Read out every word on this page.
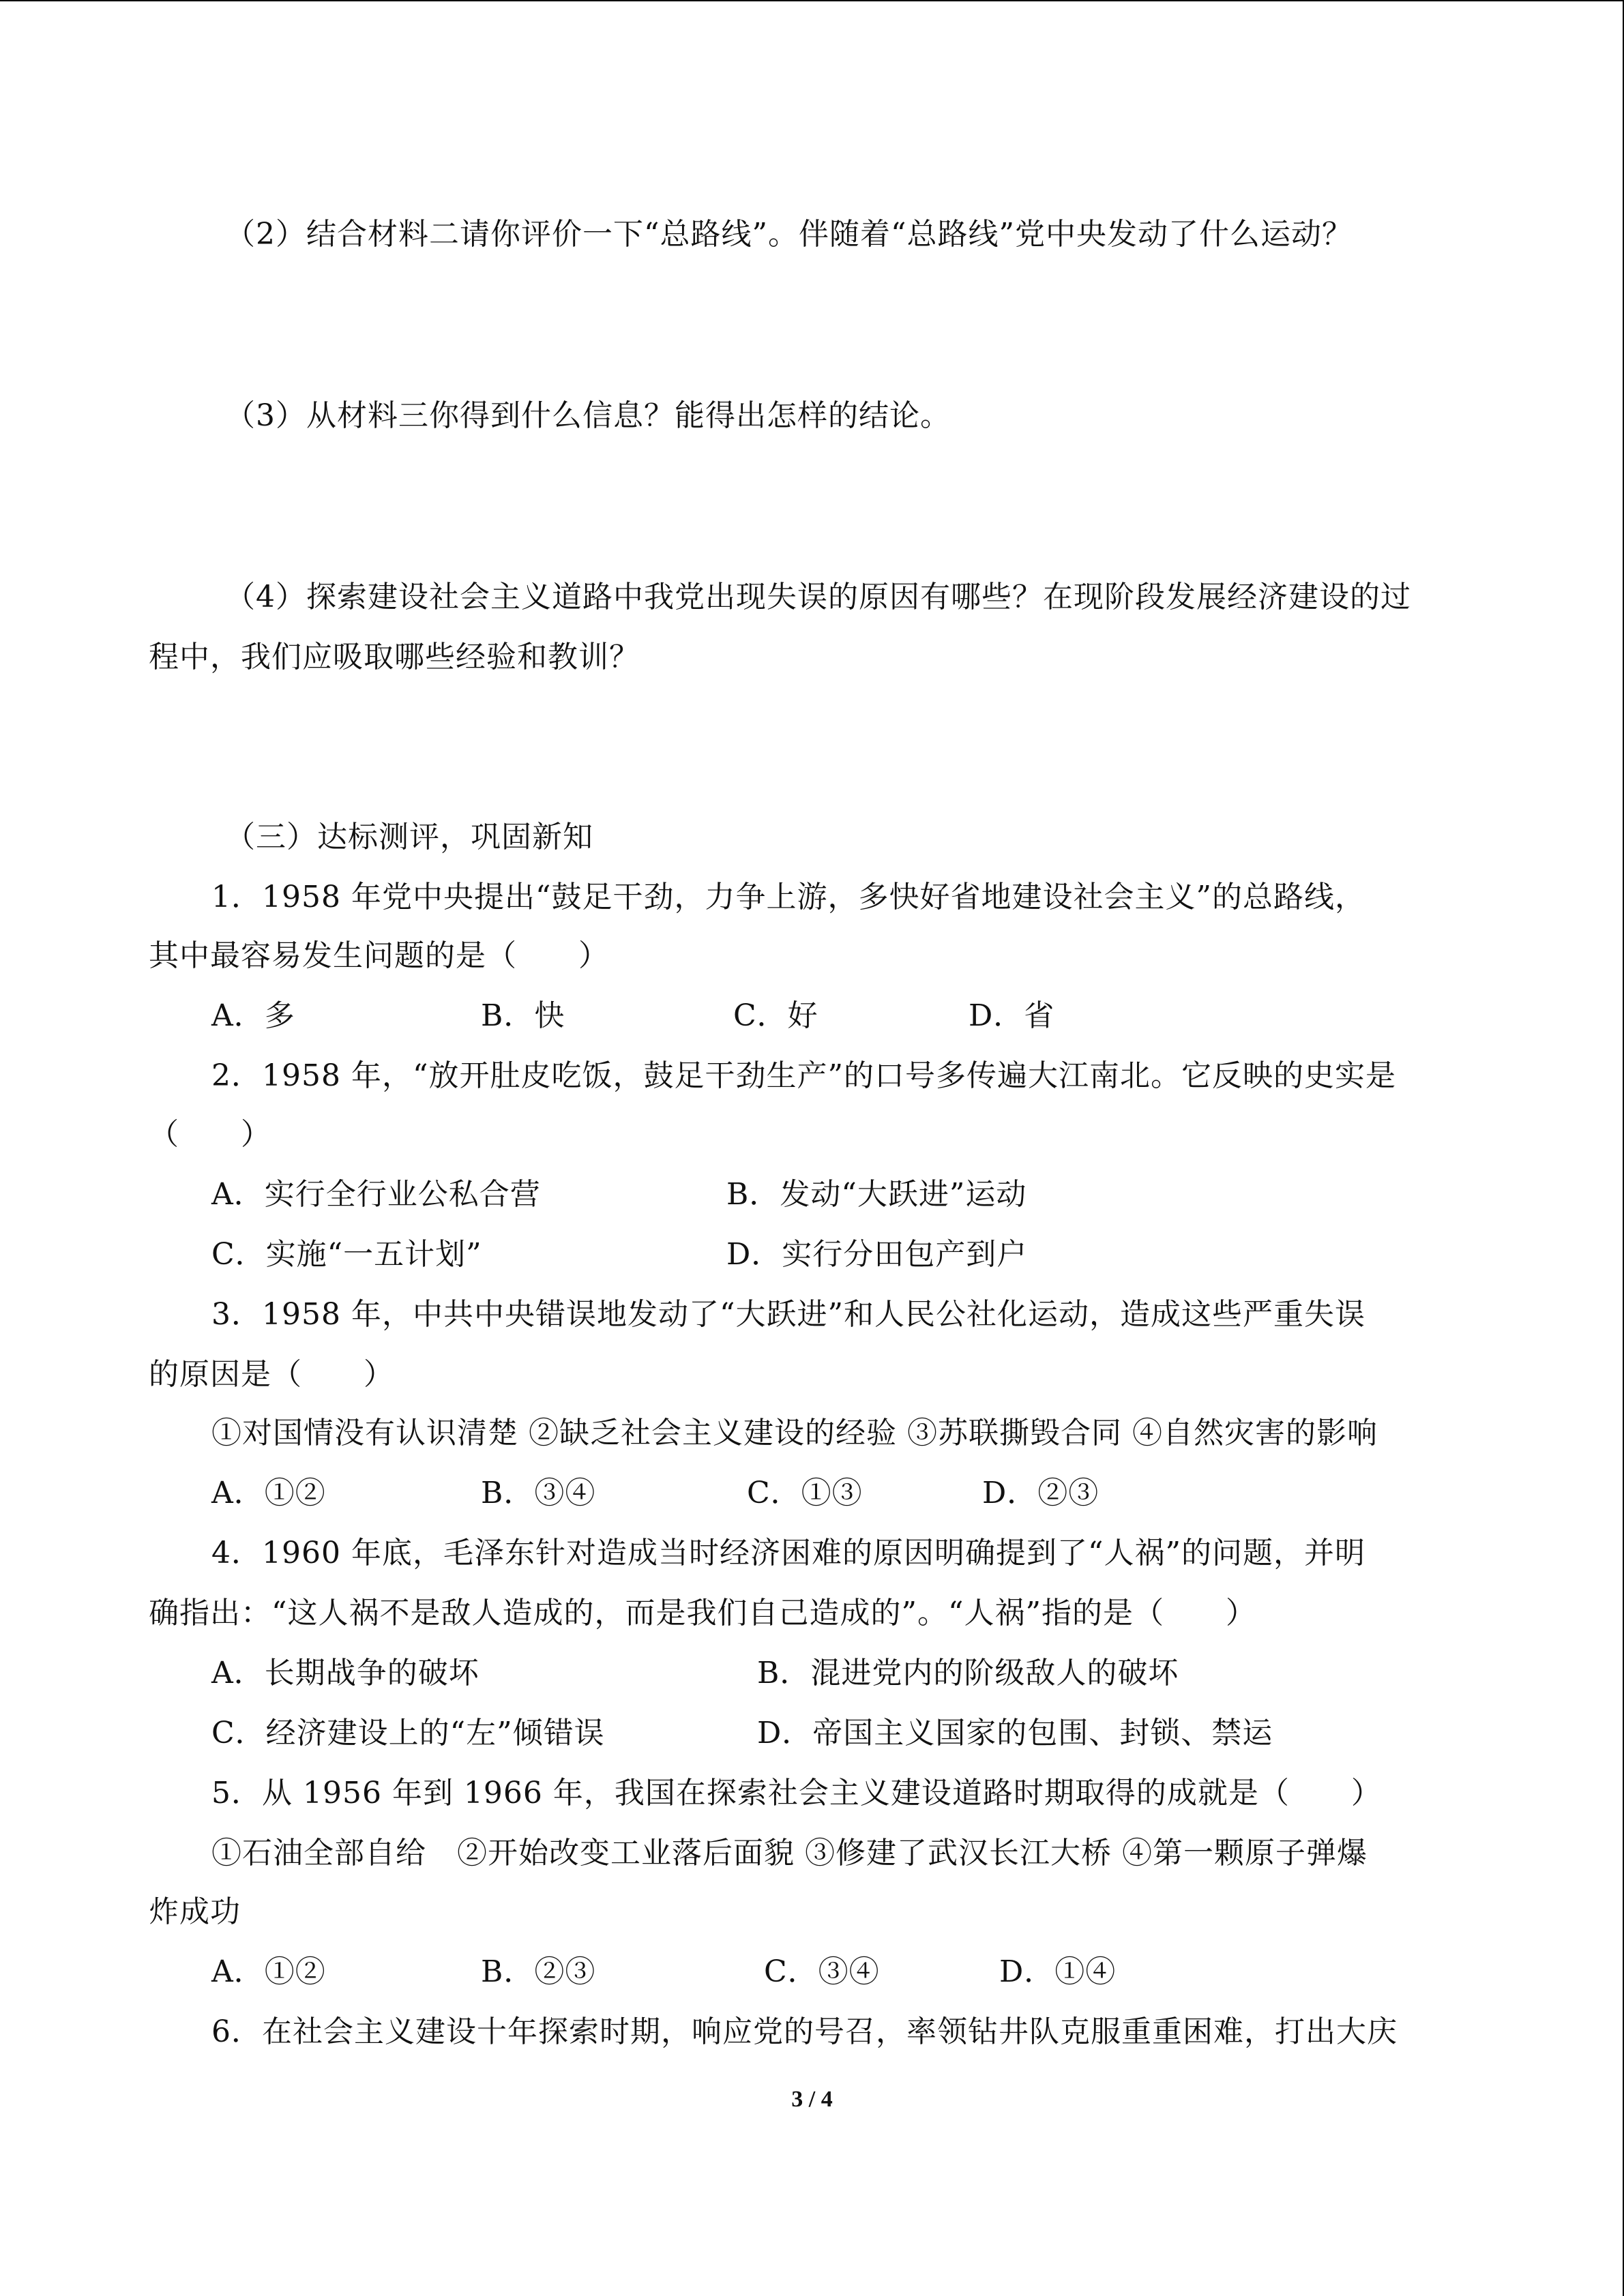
（2）结合材料二请你评价一下“总路线”。伴随着“总路线”党中央发动了什么运动？
（3）从材料三你得到什么信息？能得出怎样的结论。
（4）探索建设社会主义道路中我党出现失误的原因有哪些？在现阶段发展经济建设的过
程中，我们应吸取哪些经验和教训？
（三）达标测评，巩固新知
1．1958 年党中央提出“鼓足干劲，力争上游，多快好省地建设社会主义”的总路线，
其中最容易发生问题的是（　　）
A．多	B．快	C．好	D．省
2．1958 年，“放开肚皮吃饭，鼓足干劲生产”的口号多传遍大江南北。它反映的史实是
（　　）
A．实行全行业公私合营	B．发动“大跃进”运动
C．实施“一五计划”	D．实行分田包产到户
3．1958 年，中共中央错误地发动了“大跃进”和人民公社化运动，造成这些严重失误
的原因是（　　）
①对国情没有认识清楚 ②缺乏社会主义建设的经验 ③苏联撕毁合同 ④自然灾害的影响
A．①②	B．③④	C．①③	D．②③
4．1960 年底，毛泽东针对造成当时经济困难的原因明确提到了“人祸”的问题，并明
确指出：“这人祸不是敌人造成的，而是我们自己造成的”。“人祸”指的是（　　）
A．长期战争的破坏	B．混进党内的阶级敌人的破坏
C．经济建设上的“左”倾错误	D．帝国主义国家的包围、封锁、禁运
5．从 1956 年到 1966 年，我国在探索社会主义建设道路时期取得的成就是（　　）
①石油全部自给　②开始改变工业落后面貌 ③修建了武汉长江大桥 ④第一颗原子弹爆
炸成功
A．①②	B．②③	C．③④	D．①④
6．在社会主义建设十年探索时期，响应党的号召，率领钻井队克服重重困难，打出大庆
3 / 4
